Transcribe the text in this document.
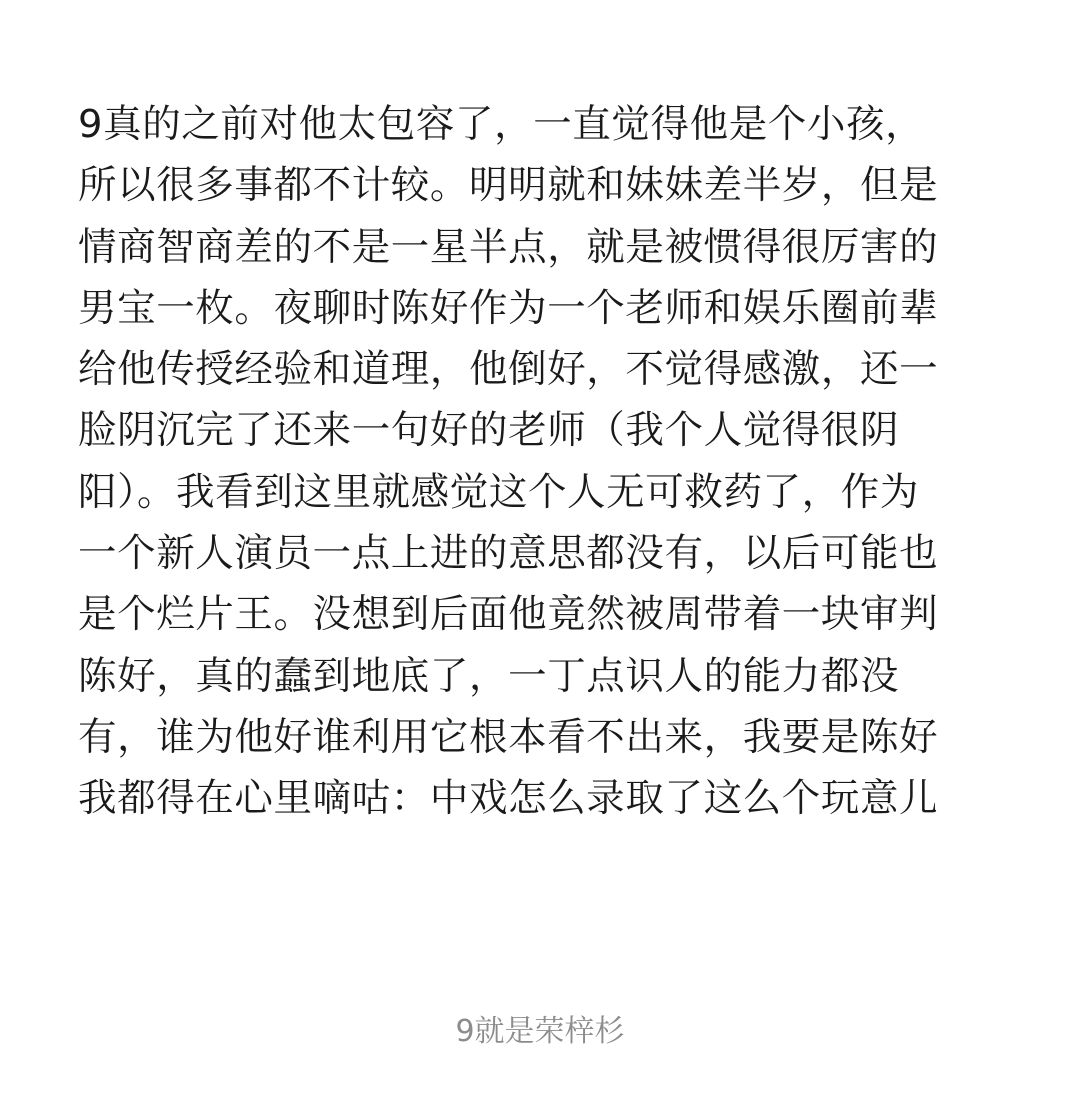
9真的之前对他太包容了，一直觉得他是个小孩，
所以很多事都不计较。明明就和妹妹差半岁，但是
情商智商差的不是一星半点，就是被惯得很厉害的
男宝一枚。夜聊时陈好作为一个老师和娱乐圈前辈
给他传授经验和道理，他倒好，不觉得感激，还一
脸阴沉完了还来一句好的老师（我个人觉得很阴
阳）。我看到这里就感觉这个人无可救药了，作为
一个新人演员一点上进的意思都没有，以后可能也
是个烂片王。没想到后面他竟然被周带着一块审判
陈好，真的蠢到地底了，一丁点识人的能力都没
有，谁为他好谁利用它根本看不出来，我要是陈好
我都得在心里嘀咕：中戏怎么录取了这么个玩意儿
9就是荣梓杉
